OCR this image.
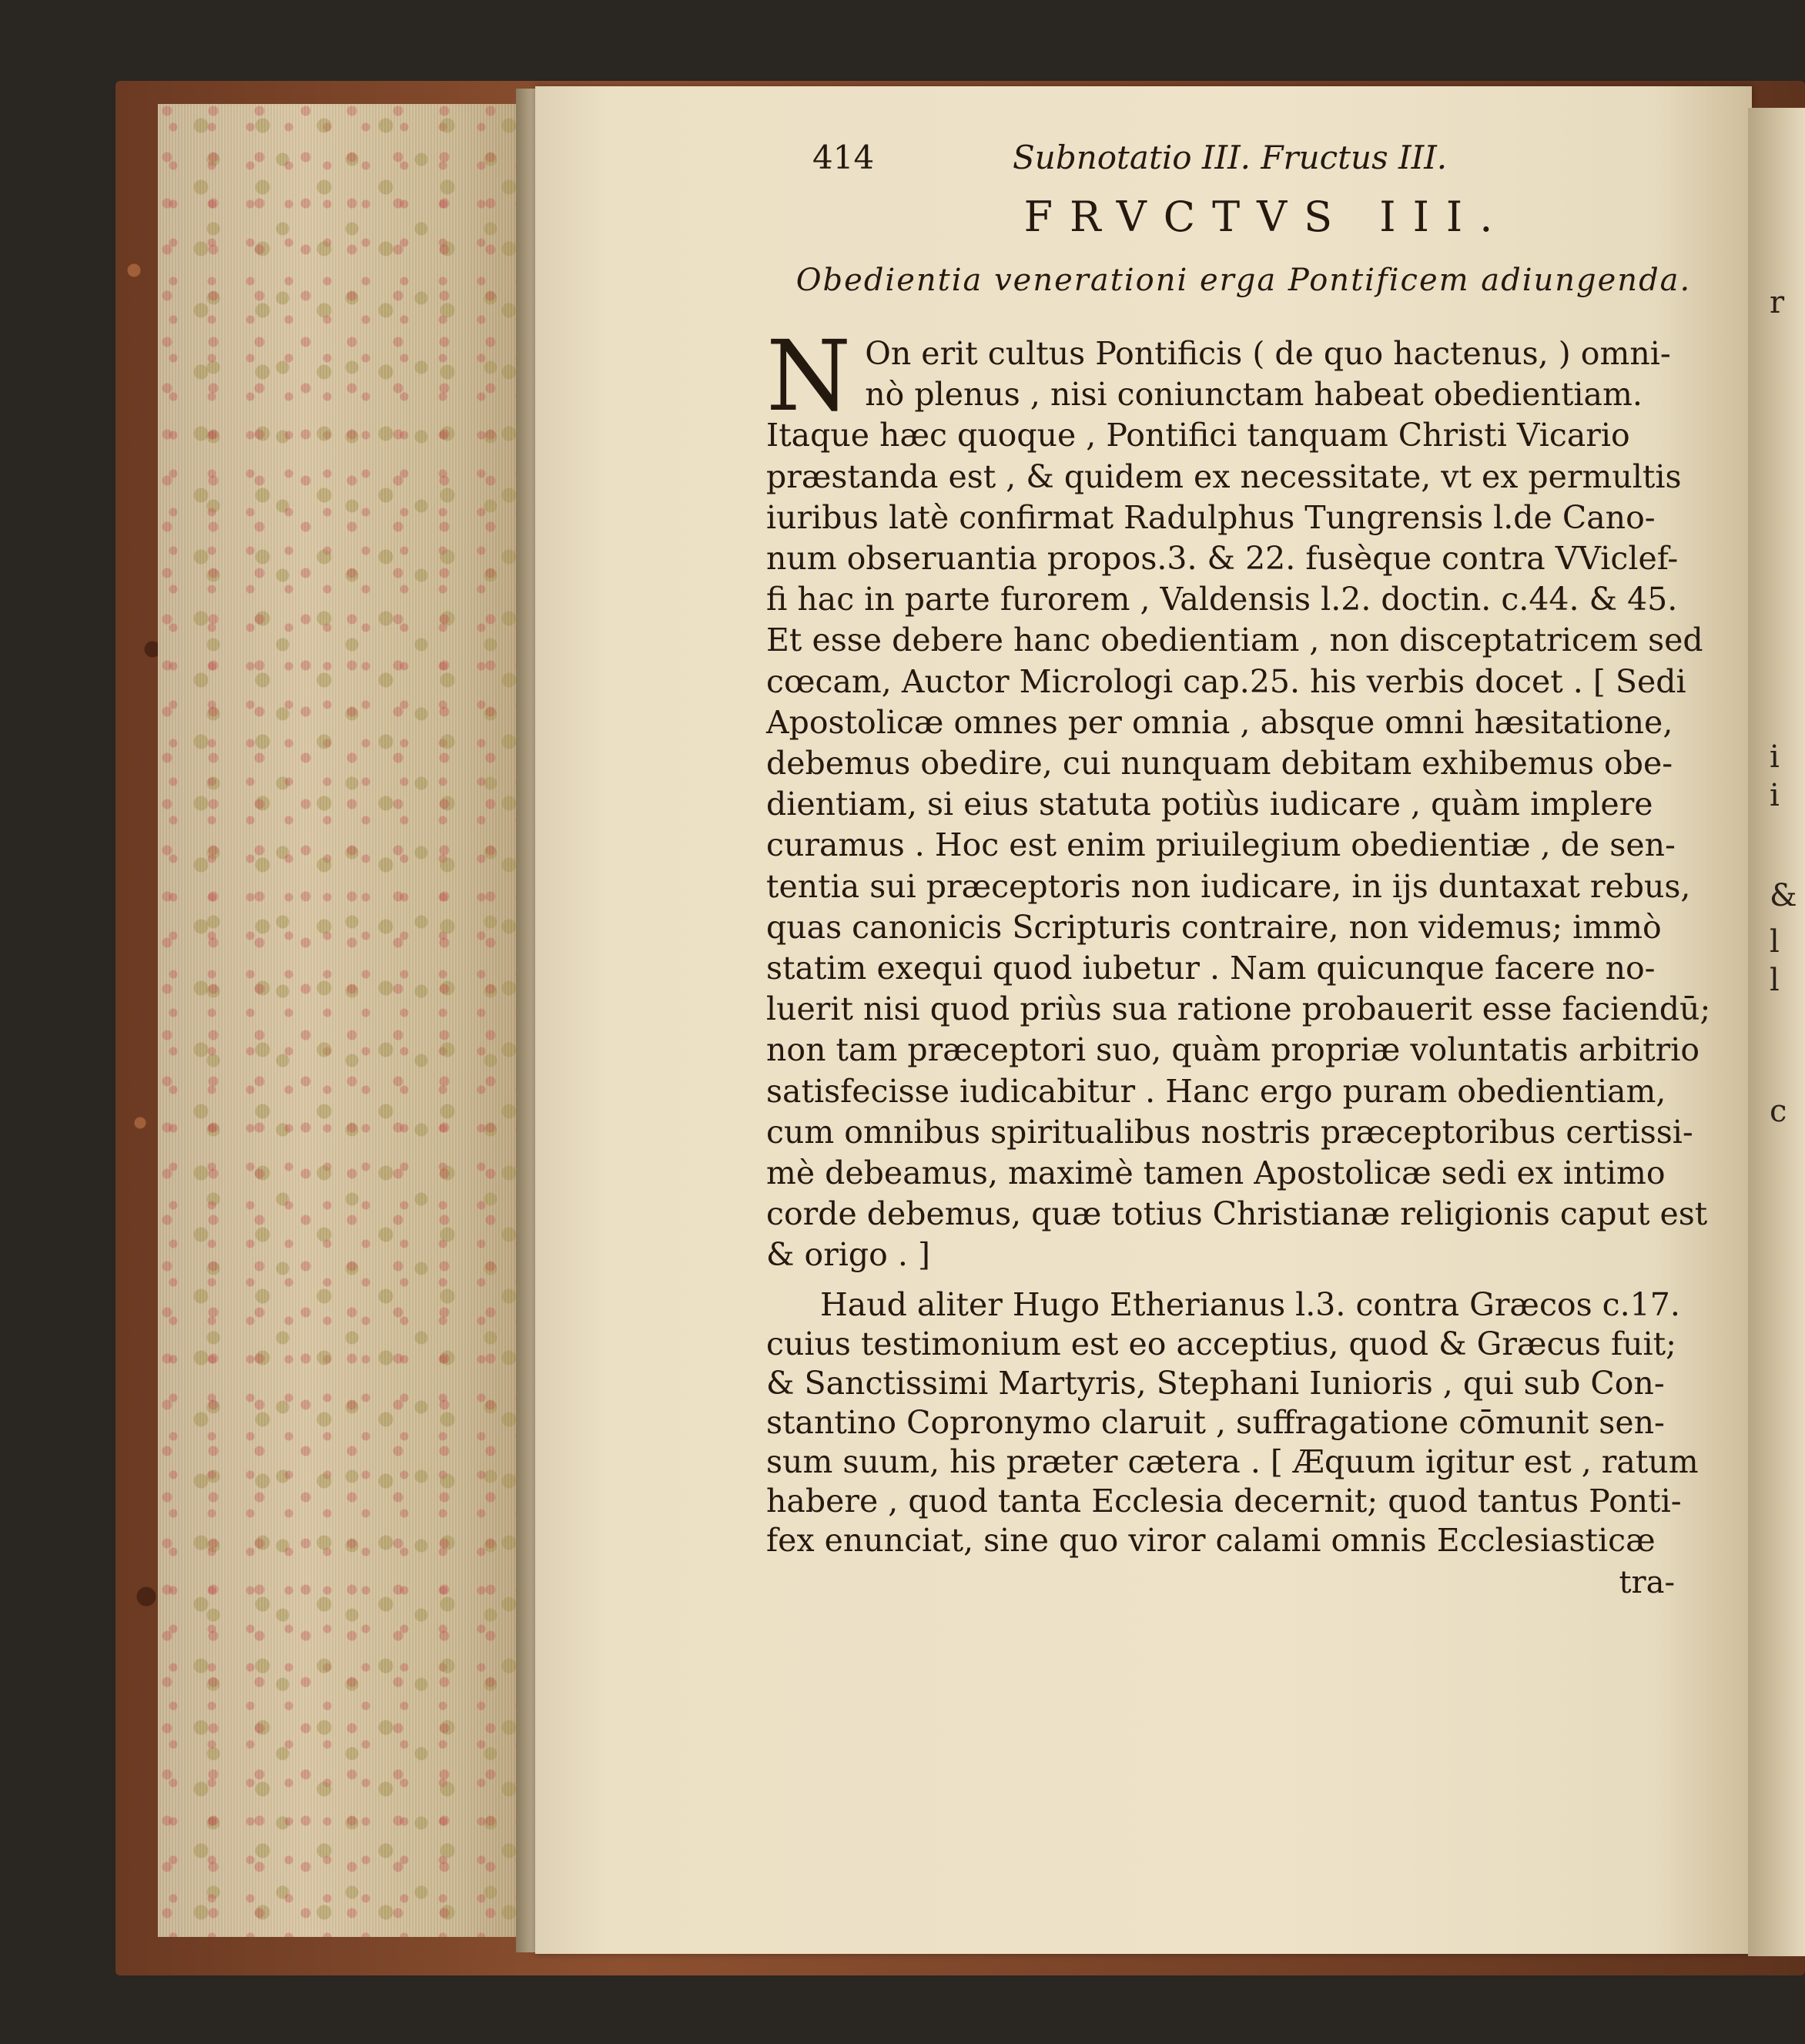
r
i
i
&
l
l
c
414	Subnotatio III. Fructus III.
FRVCTVS III.
Obedientia venerationi erga Pontificem adiungenda.
N On erit cultus Pontificis ( de quo hactenus, ) omni-

nò plenus , nisi coniunctam habeat obedientiam.

Itaque hæc quoque , Pontifici tanquam Christi Vicario

præstanda est , & quidem ex necessitate, vt ex permultis

iuribus latè confirmat Radulphus Tungrensis l.de Cano-

num obseruantia propos.3. & 22. fusèque contra VViclef-

fi hac in parte furorem , Valdensis l.2. doctin. c.44. & 45.

Et esse debere hanc obedientiam , non disceptatricem sed

cœcam, Auctor Micrologi cap.25. his verbis docet . [ Sedi

Apostolicæ omnes per omnia , absque omni hæsitatione,

debemus obedire, cui nunquam debitam exhibemus obe-

dientiam, si eius statuta potiùs iudicare , quàm implere

curamus . Hoc est enim priuilegium obedientiæ , de sen-

tentia sui præceptoris non iudicare, in ijs duntaxat rebus,

quas canonicis Scripturis contraire, non videmus; immò

statim exequi quod iubetur . Nam quicunque facere no-

luerit nisi quod priùs sua ratione probauerit esse faciendū;

non tam præceptori suo, quàm propriæ voluntatis arbitrio

satisfecisse iudicabitur . Hanc ergo puram obedientiam,

cum omnibus spiritualibus nostris præceptoribus certissi-

mè debeamus, maximè tamen Apostolicæ sedi ex intimo

corde debemus, quæ totius Christianæ religionis caput est

& origo . ]

Haud aliter Hugo Etherianus l.3. contra Græcos c.17.

cuius testimonium est eo acceptius, quod & Græcus fuit;

& Sanctissimi Martyris, Stephani Iunioris , qui sub Con-

stantino Copronymo claruit , suffragatione cōmunit sen-

sum suum, his præter cætera . [ Æquum igitur est , ratum

habere , quod tanta Ecclesia decernit; quod tantus Ponti-

fex enunciat, sine quo viror calami omnis Ecclesiasticæ

tra-
